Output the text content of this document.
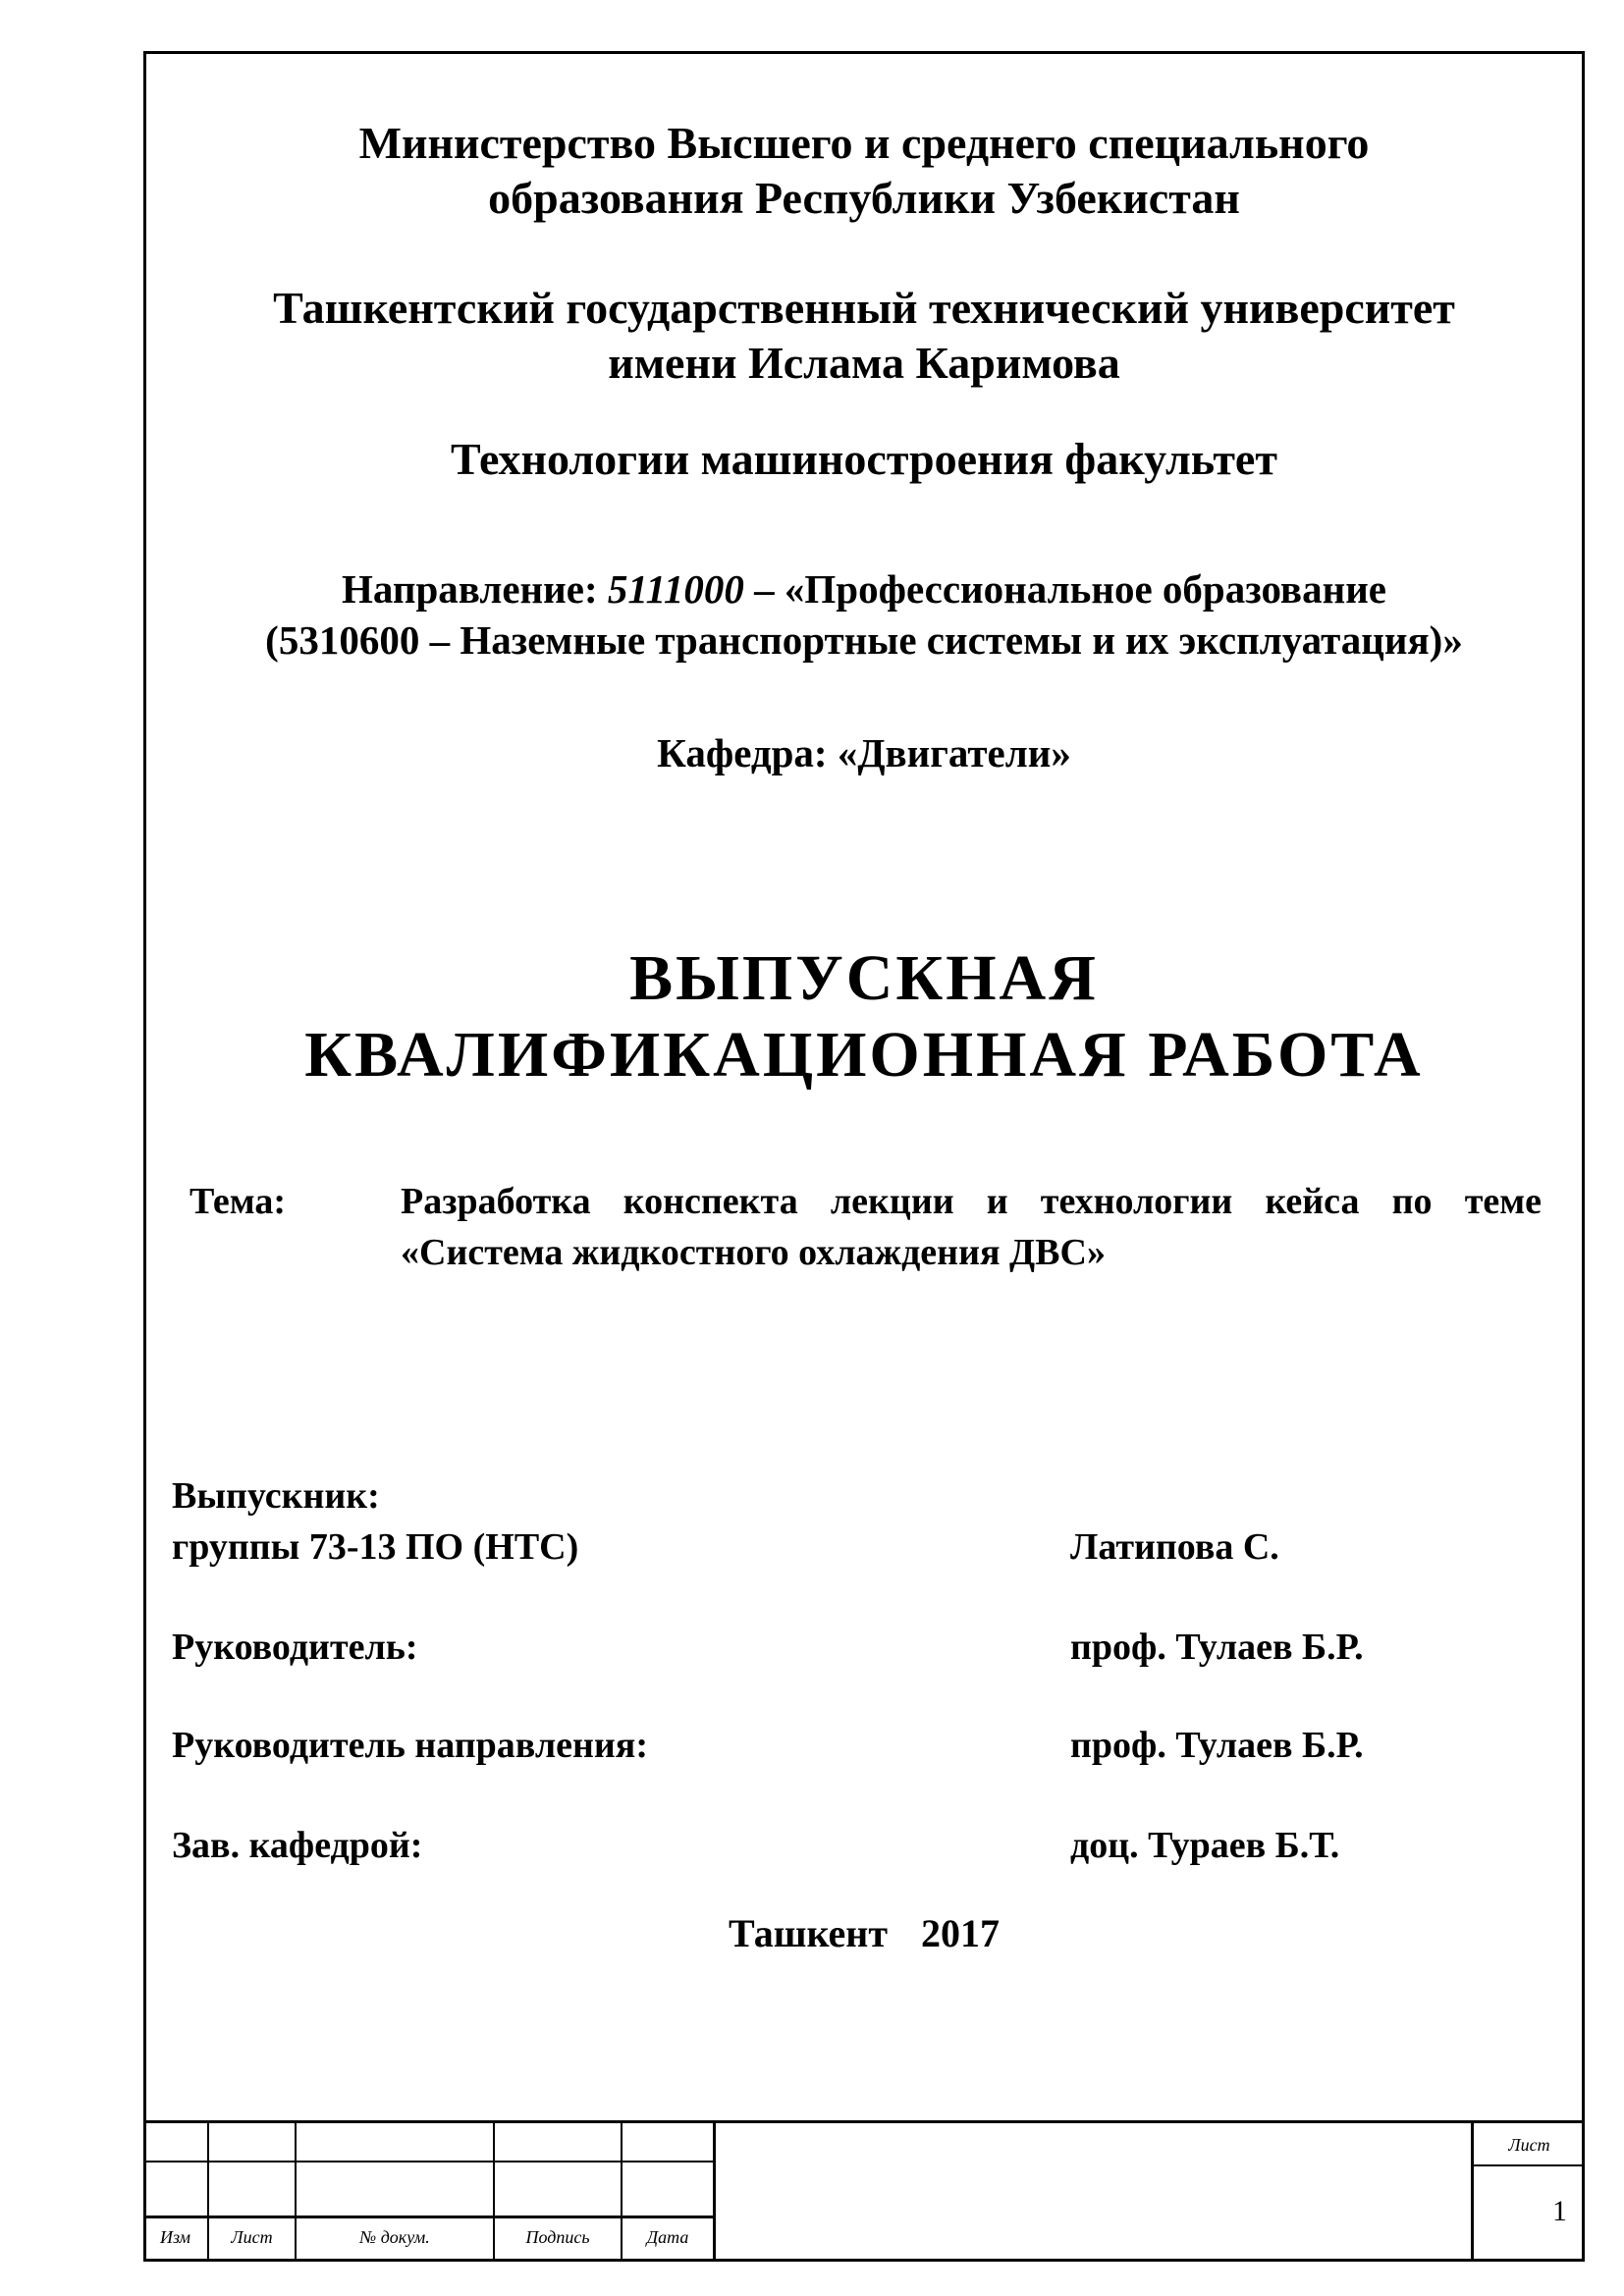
Министерство Высшего и среднего специального
образования Республики Узбекистан
Ташкентский государственный технический университет
имени Ислама Каримова
Технологии машиностроения факультет
Направление: 5111000 – «Профессиональное образование
(5310600 – Наземные транспортные системы и их эксплуатация)»
Кафедра: «Двигатели»
ВЫПУСКНАЯ
КВАЛИФИКАЦИОННАЯ РАБОТА
Тема:	Разработка конспекта лекции и технологии кейса по теме «Система жидкостного охлаждения ДВС»
Выпускник:
группы 73-13 ПО (НТС)	Латипова С.
Руководитель:	проф. Тулаев Б.Р.
Руководитель направления:	проф. Тулаев Б.Р.
Зав. кафедрой:	доц. Тураев Б.Т.
Ташкент 2017
Изм	Лист	№ докум.	Подпись	Дата
Лист
1
